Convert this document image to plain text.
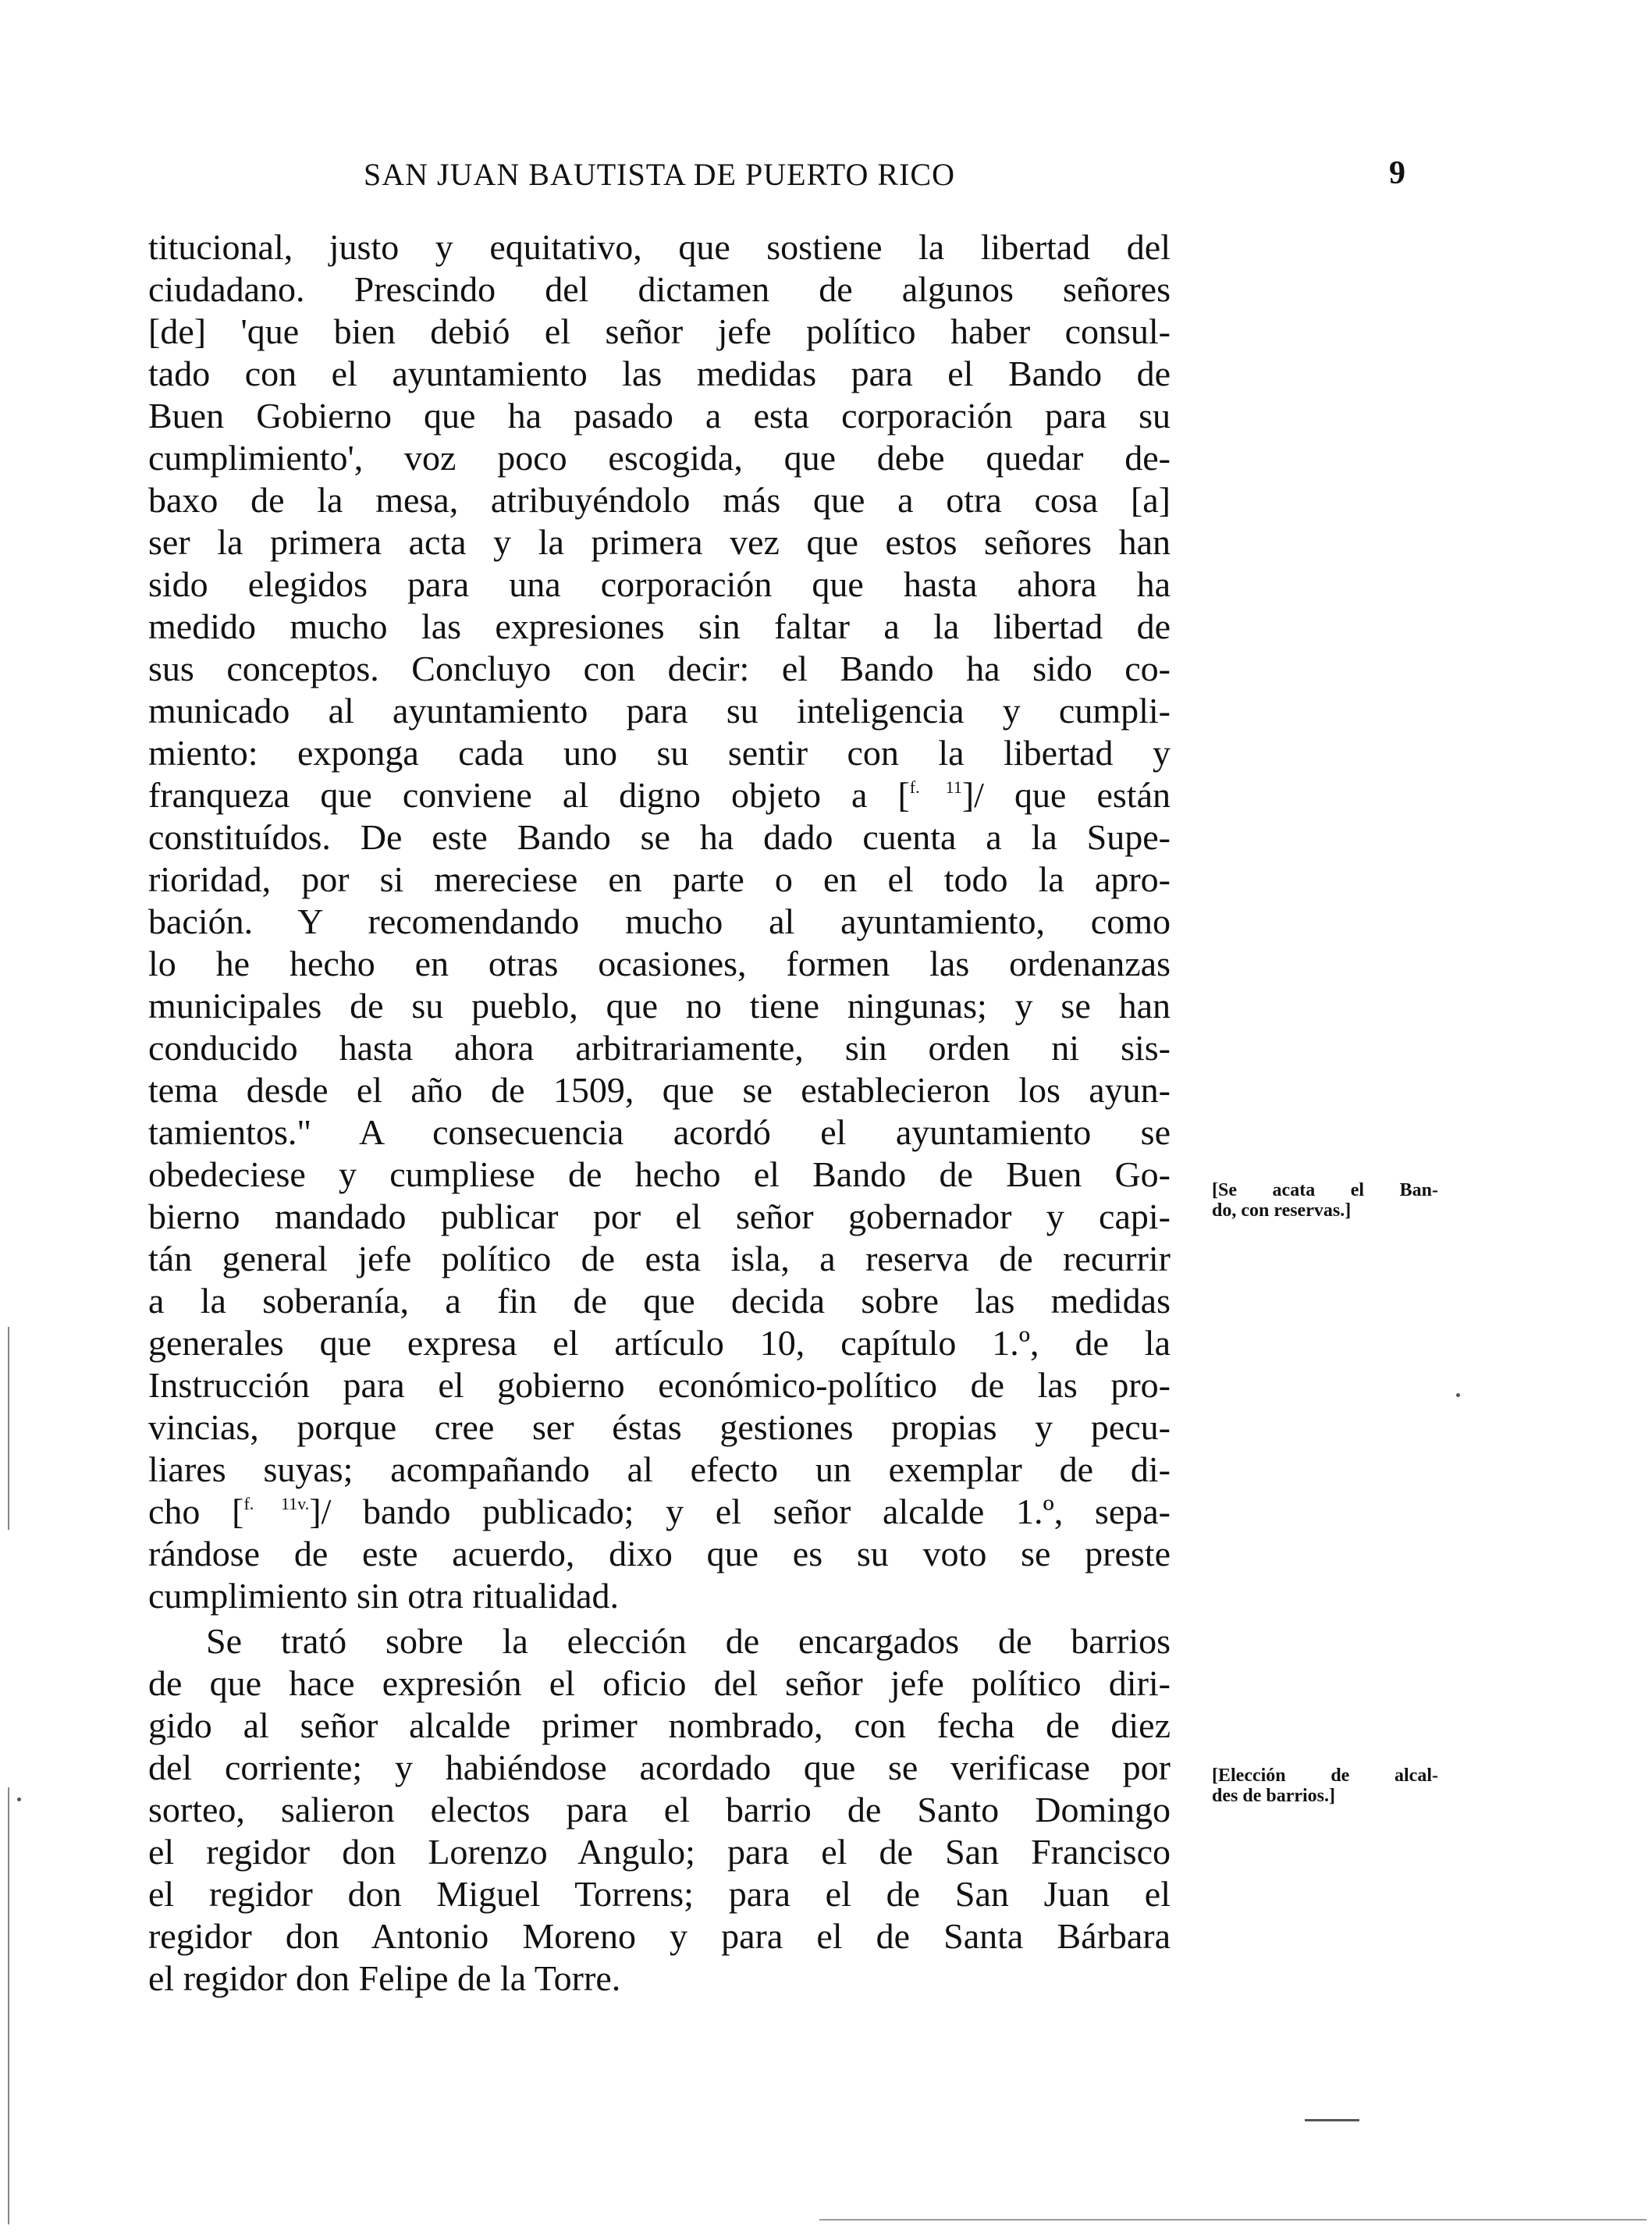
SAN JUAN BAUTISTA DE PUERTO RICO	9
titucional, justo y equitativo, que sostiene la libertad del
ciudadano. Prescindo del dictamen de algunos señores
[de] 'que bien debió el señor jefe político haber consul-
tado con el ayuntamiento las medidas para el Bando de
Buen Gobierno que ha pasado a esta corporación para su
cumplimiento', voz poco escogida, que debe quedar de-
baxo de la mesa, atribuyéndolo más que a otra cosa [a]
ser la primera acta y la primera vez que estos señores han
sido elegidos para una corporación que hasta ahora ha
medido mucho las expresiones sin faltar a la libertad de
sus conceptos. Concluyo con decir: el Bando ha sido co-
municado al ayuntamiento para su inteligencia y cumpli-
miento: exponga cada uno su sentir con la libertad y
franqueza que conviene al digno objeto a [$^{f. 11}$]/ que están
constituídos. De este Bando se ha dado cuenta a la Supe-
rioridad, por si mereciese en parte o en el todo la apro-
bación. Y recomendando mucho al ayuntamiento, como
lo he hecho en otras ocasiones, formen las ordenanzas
municipales de su pueblo, que no tiene ningunas; y se han
conducido hasta ahora arbitrariamente, sin orden ni sis-
tema desde el año de 1509, que se establecieron los ayun-
tamientos." A consecuencia acordó el ayuntamiento se
obedeciese y cumpliese de hecho el Bando de Buen Go-
bierno mandado publicar por el señor gobernador y capi-
tán general jefe político de esta isla, a reserva de recurrir
a la soberanía, a fin de que decida sobre las medidas
generales que expresa el artículo 10, capítulo 1.º, de la
Instrucción para el gobierno económico-político de las pro-
vincias, porque cree ser éstas gestiones propias y pecu-
liares suyas; acompañando al efecto un exemplar de di-
cho [$^{f. 11v.}$]/ bando publicado; y el señor alcalde 1.º, sepa-
rándose de este acuerdo, dixo que es su voto se preste
cumplimiento sin otra ritualidad.
Se trató sobre la elección de encargados de barrios
de que hace expresión el oficio del señor jefe político diri-
gido al señor alcalde primer nombrado, con fecha de diez
del corriente; y habiéndose acordado que se verificase por
sorteo, salieron electos para el barrio de Santo Domingo
el regidor don Lorenzo Angulo; para el de San Francisco
el regidor don Miguel Torrens; para el de San Juan el
regidor don Antonio Moreno y para el de Santa Bárbara
el regidor don Felipe de la Torre.
[Se acata el Ban-
do, con reservas.]
[Elección de alcal-
des de barrios.]
